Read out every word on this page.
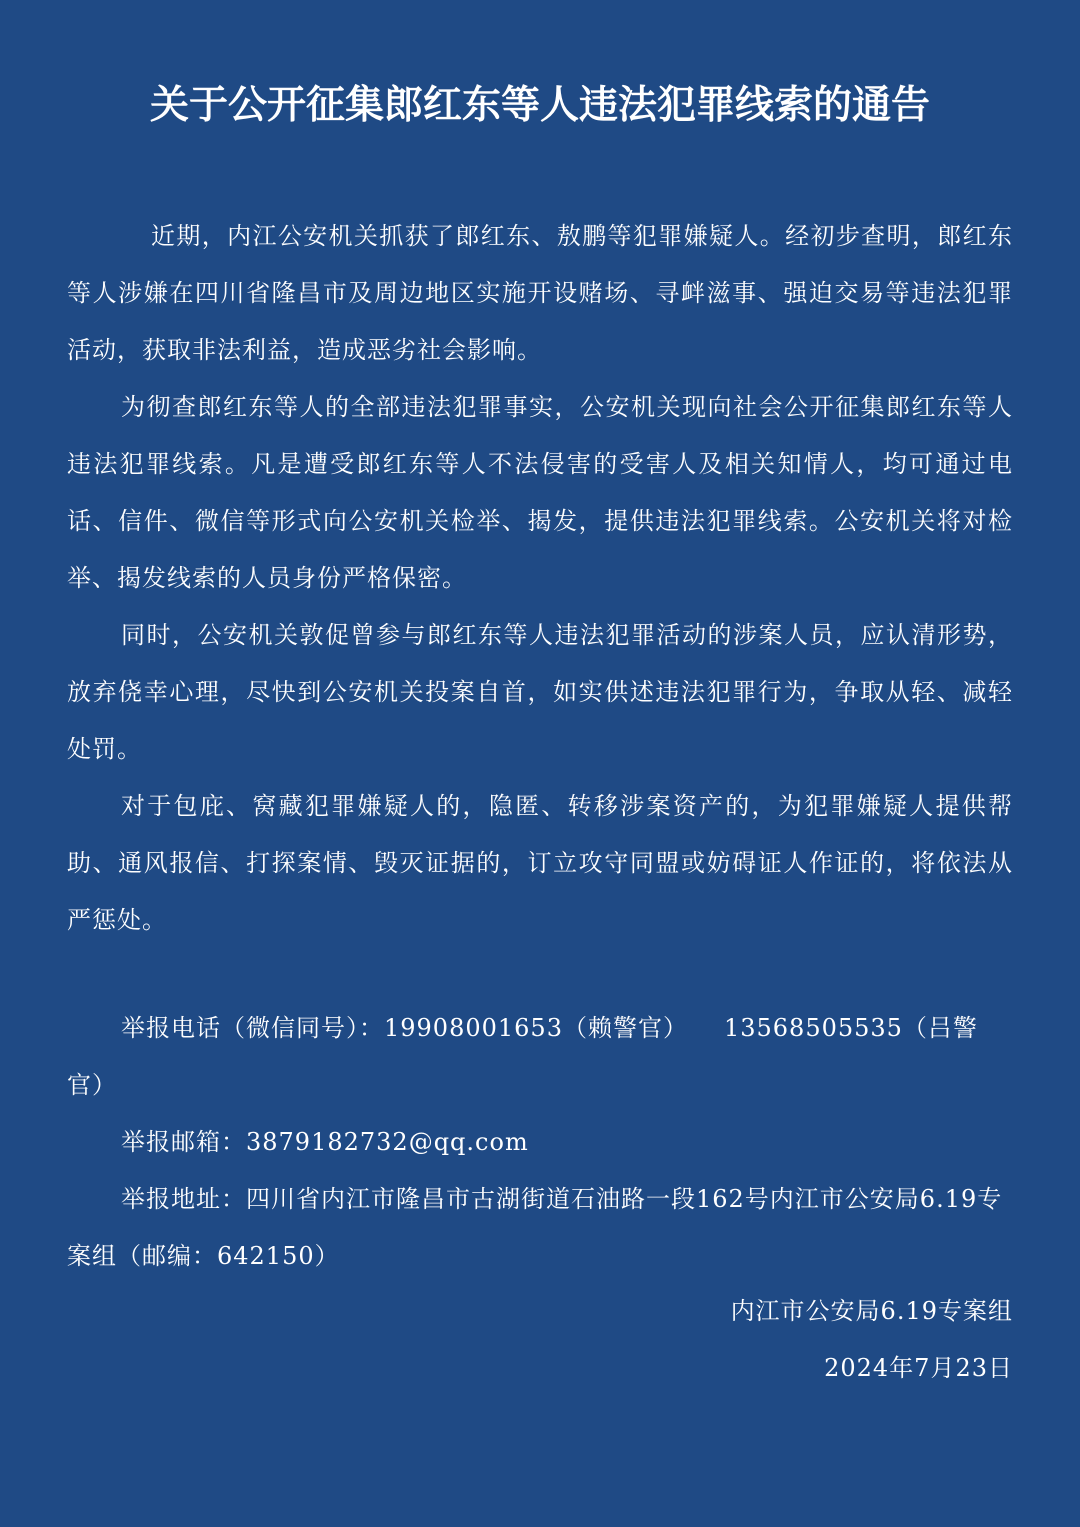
关于公开征集郎红东等人违法犯罪线索的通告

近期，内江公安机关抓获了郎红东、敖鹏等犯罪嫌疑人。经初步查明，郎红东等人涉嫌在四川省隆昌市及周边地区实施开设赌场、寻衅滋事、强迫交易等违法犯罪活动，获取非法利益，造成恶劣社会影响。

为彻查郎红东等人的全部违法犯罪事实，公安机关现向社会公开征集郎红东等人违法犯罪线索。凡是遭受郎红东等人不法侵害的受害人及相关知情人，均可通过电话、信件、微信等形式向公安机关检举、揭发，提供违法犯罪线索。公安机关将对检举、揭发线索的人员身份严格保密。

同时，公安机关敦促曾参与郎红东等人违法犯罪活动的涉案人员，应认清形势，放弃侥幸心理，尽快到公安机关投案自首，如实供述违法犯罪行为，争取从轻、减轻处罚。

对于包庇、窝藏犯罪嫌疑人的，隐匿、转移涉案资产的，为犯罪嫌疑人提供帮助、通风报信、打探案情、毁灭证据的，订立攻守同盟或妨碍证人作证的，将依法从严惩处。

举报电话（微信同号）：19908001653（赖警官） 13568505535（吕警官）

举报邮箱：3879182732@qq.com

举报地址：四川省内江市隆昌市古湖街道石油路一段162号内江市公安局6.19专案组（邮编：642150）

内江市公安局6.19专案组

2024年7月23日
